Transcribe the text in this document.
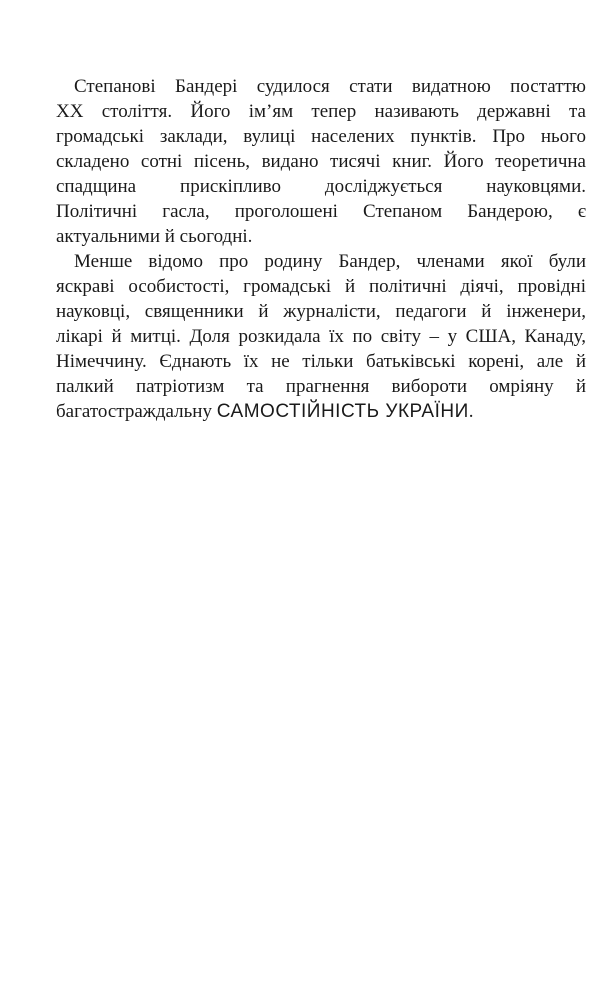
Степанові Бандері судилося стати видатною постаттю
ХХ століття. Його ім’ям тепер називають державні та
громадські заклади, вулиці населених пунктів. Про нього
складено сотні пісень, видано тисячі книг. Його теоретична
спадщина прискіпливо досліджується науковцями.
Політичні гасла, проголошені Степаном Бандерою, є
актуальними й сьогодні.

Менше відомо про родину Бандер, членами якої були
яскраві особистості, громадські й політичні діячі, провідні
науковці, священники й журналісти, педагоги й інженери,
лікарі й митці. Доля розкидала їх по світу – у США, Канаду,
Німеччину. Єднають їх не тільки батьківські корені, але й
палкий патріотизм та прагнення вибороти омріяну й
багатостраждальну САМОСТІЙНІСТЬ УКРАЇНИ.
